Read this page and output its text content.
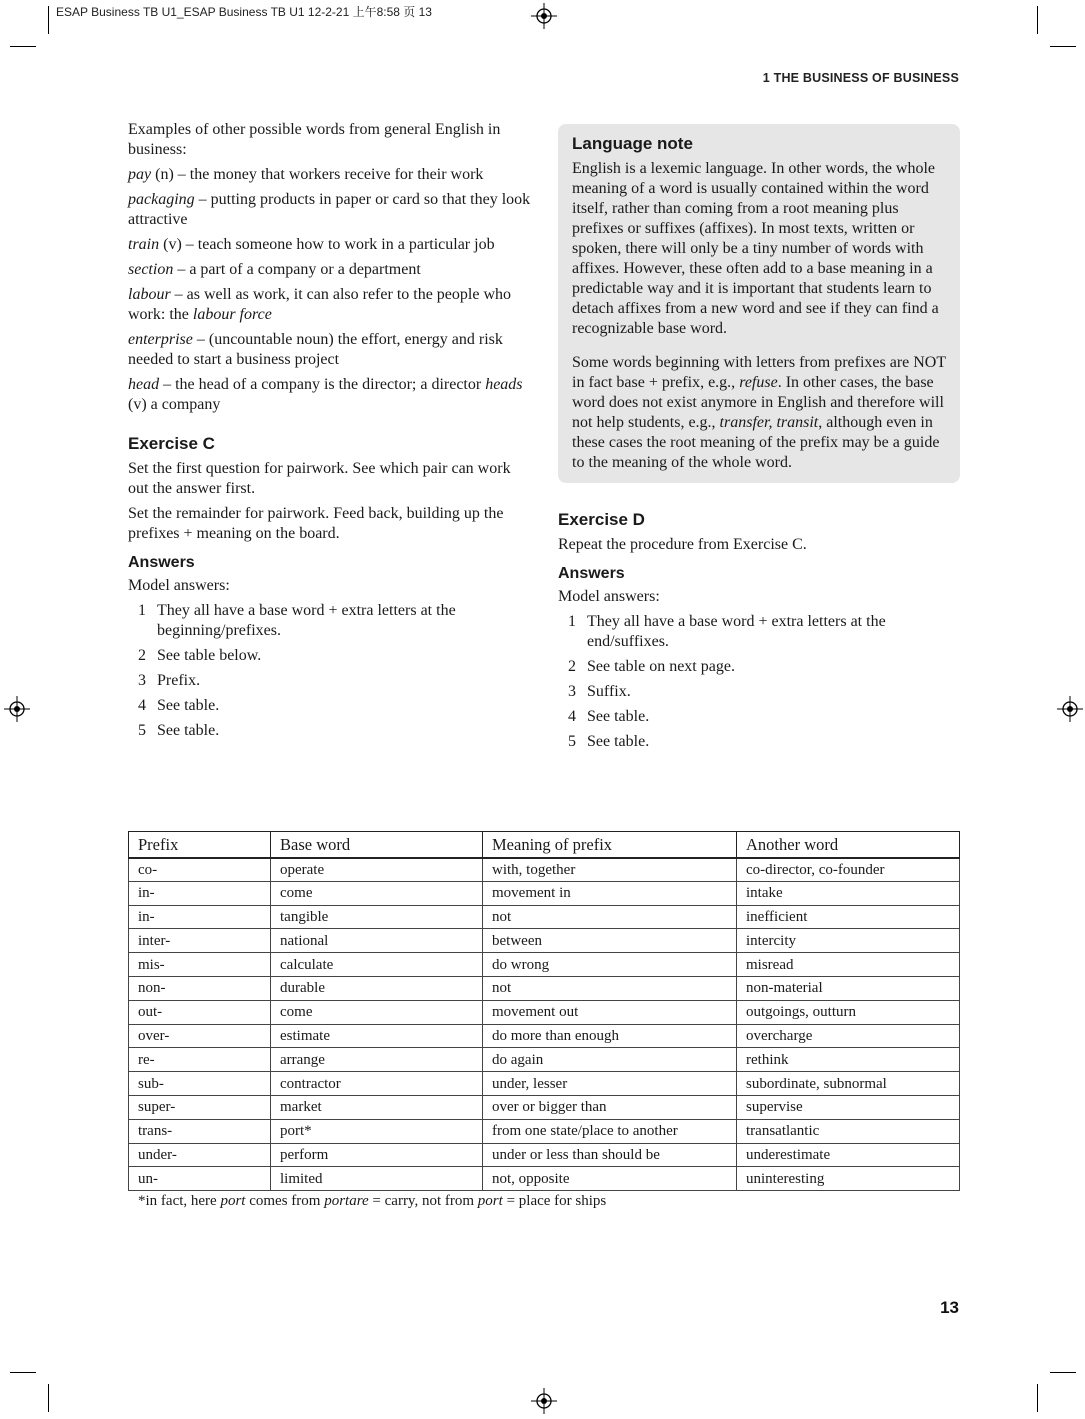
ESAP Business TB U1_ESAP Business TB U1 12-2-21 上午8:58 页 13
1 THE BUSINESS OF BUSINESS
Examples of other possible words from general English in business:
pay (n) – the money that workers receive for their work
packaging – putting products in paper or card so that they look attractive
train (v) – teach someone how to work in a particular job
section – a part of a company or a department
labour – as well as work, it can also refer to the people who work: the labour force
enterprise – (uncountable noun) the effort, energy and risk needed to start a business project
head – the head of a company is the director; a director heads (v) a company
Exercise C
Set the first question for pairwork. See which pair can work out the answer first.
Set the remainder for pairwork. Feed back, building up the prefixes + meaning on the board.
Answers
Model answers:
1 They all have a base word + extra letters at the beginning/prefixes.
2 See table below.
3 Prefix.
4 See table.
5 See table.
Language note
English is a lexemic language. In other words, the whole meaning of a word is usually contained within the word itself, rather than coming from a root meaning plus prefixes or suffixes (affixes). In most texts, written or spoken, there will only be a tiny number of words with affixes. However, these often add to a base meaning in a predictable way and it is important that students learn to detach affixes from a new word and see if they can find a recognizable base word.
Some words beginning with letters from prefixes are NOT in fact base + prefix, e.g., refuse. In other cases, the base word does not exist anymore in English and therefore will not help students, e.g., transfer, transit, although even in these cases the root meaning of the prefix may be a guide to the meaning of the whole word.
Exercise D
Repeat the procedure from Exercise C.
Answers
Model answers:
1 They all have a base word + extra letters at the end/suffixes.
2 See table on next page.
3 Suffix.
4 See table.
5 See table.
Prefix	Base word	Meaning of prefix	Another word
co-	operate	with, together	co-director, co-founder
in-	come	movement in	intake
in-	tangible	not	inefficient
inter-	national	between	intercity
mis-	calculate	do wrong	misread
non-	durable	not	non-material
out-	come	movement out	outgoings, outturn
over-	estimate	do more than enough	overcharge
re-	arrange	do again	rethink
sub-	contractor	under, lesser	subordinate, subnormal
super-	market	over or bigger than	supervise
trans-	port*	from one state/place to another	transatlantic
under-	perform	under or less than should be	underestimate
un-	limited	not, opposite	uninteresting
*in fact, here port comes from portare = carry, not from port = place for ships
13
